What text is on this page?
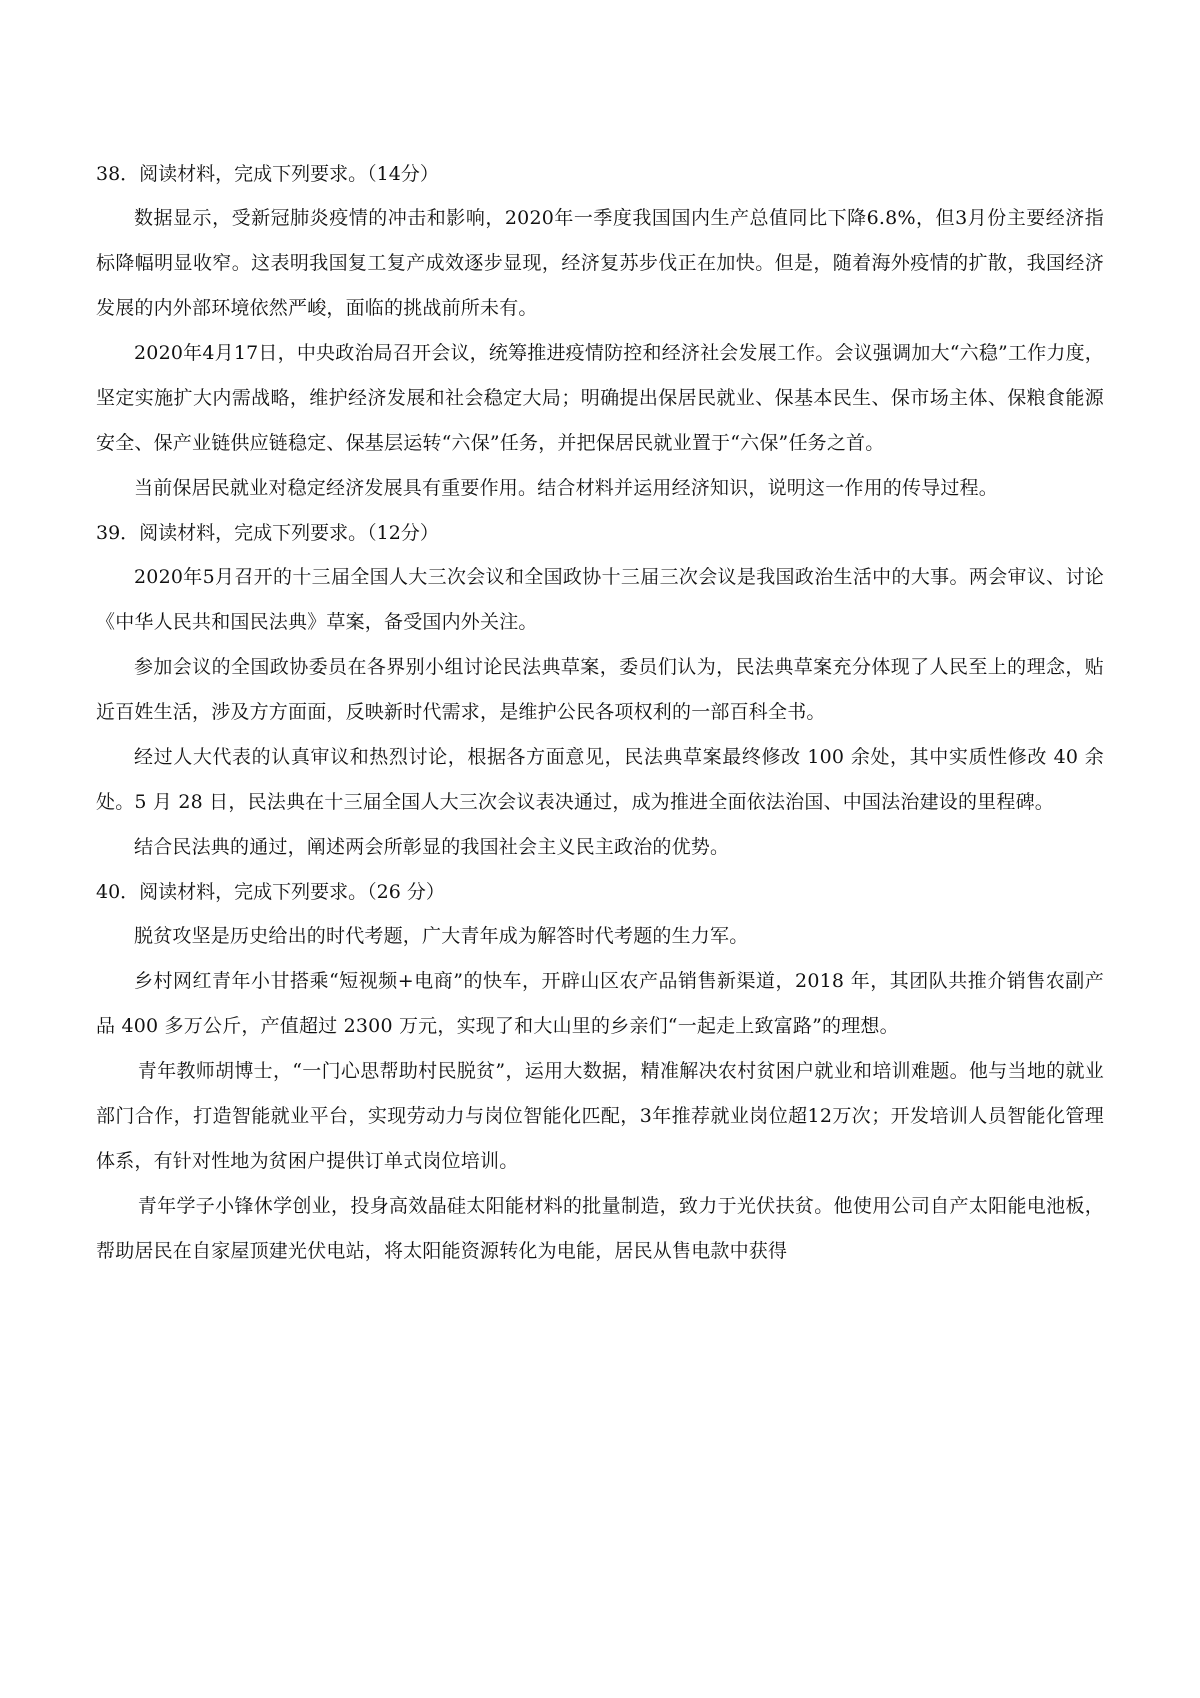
38．阅读材料，完成下列要求。（14分）

数据显示，受新冠肺炎疫情的冲击和影响，2020年一季度我国国内生产总值同比下降6.8%，但3月份主要经济指标降幅明显收窄。这表明我国复工复产成效逐步显现，经济复苏步伐正在加快。但是，随着海外疫情的扩散，我国经济发展的内外部环境依然严峻，面临的挑战前所未有。

2020年4月17日，中央政治局召开会议，统筹推进疫情防控和经济社会发展工作。会议强调加大“六稳”工作力度，坚定实施扩大内需战略，维护经济发展和社会稳定大局；明确提出保居民就业、保基本民生、保市场主体、保粮食能源安全、保产业链供应链稳定、保基层运转“六保”任务，并把保居民就业置于“六保”任务之首。

当前保居民就业对稳定经济发展具有重要作用。结合材料并运用经济知识，说明这一作用的传导过程。

39．阅读材料，完成下列要求。（12分）

2020年5月召开的十三届全国人大三次会议和全国政协十三届三次会议是我国政治生活中的大事。两会审议、讨论《中华人民共和国民法典》草案，备受国内外关注。

参加会议的全国政协委员在各界别小组讨论民法典草案，委员们认为，民法典草案充分体现了人民至上的理念，贴近百姓生活，涉及方方面面，反映新时代需求，是维护公民各项权利的一部百科全书。

经过人大代表的认真审议和热烈讨论，根据各方面意见，民法典草案最终修改 100 余处，其中实质性修改 40 余处。5 月 28 日，民法典在十三届全国人大三次会议表决通过，成为推进全面依法治国、中国法治建设的里程碑。

结合民法典的通过，阐述两会所彰显的我国社会主义民主政治的优势。

40．阅读材料，完成下列要求。（26 分）

脱贫攻坚是历史给出的时代考题，广大青年成为解答时代考题的生力军。

乡村网红青年小甘搭乘“短视频+电商”的快车，开辟山区农产品销售新渠道，2018 年，其团队共推介销售农副产品 400 多万公斤，产值超过 2300 万元，实现了和大山里的乡亲们“一起走上致富路”的理想。

青年教师胡博士，“一门心思帮助村民脱贫”，运用大数据，精准解决农村贫困户就业和培训难题。他与当地的就业部门合作，打造智能就业平台，实现劳动力与岗位智能化匹配，3年推荐就业岗位超12万次；开发培训人员智能化管理体系，有针对性地为贫困户提供订单式岗位培训。

青年学子小锋休学创业，投身高效晶硅太阳能材料的批量制造，致力于光伏扶贫。他使用公司自产太阳能电池板，帮助居民在自家屋顶建光伏电站，将太阳能资源转化为电能，居民从售电款中获得
